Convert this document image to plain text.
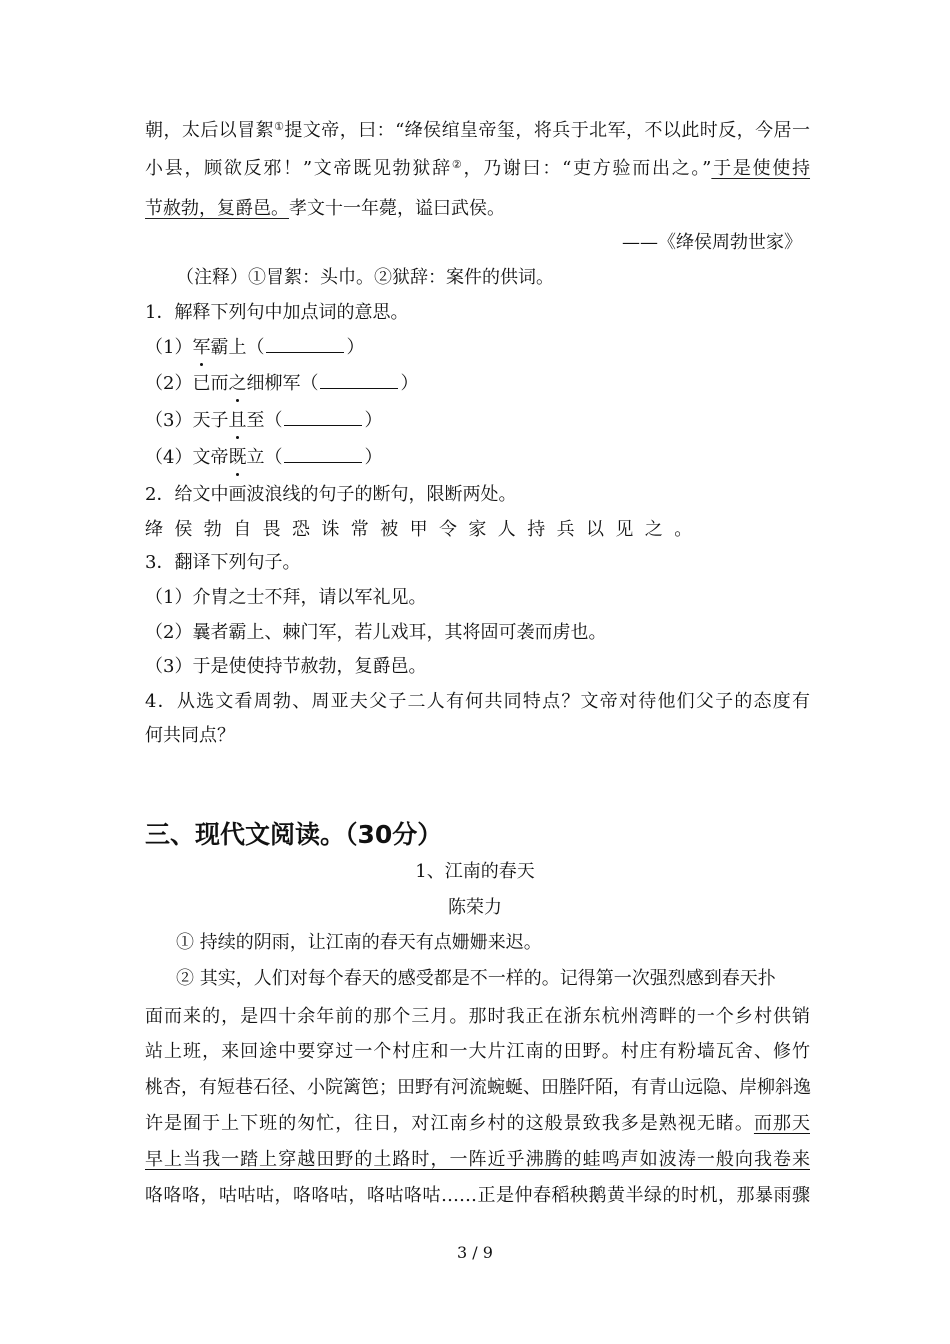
朝，太后以冒絮①提文帝，曰：“绛侯绾皇帝玺，将兵于北军，不以此时反，今居一
小县，顾欲反邪！”文帝既见勃狱辞②，乃谢曰：“吏方验而出之。”于是使使持
节赦勃，复爵邑。孝文十一年薨，谥曰武侯。
——《绛侯周勃世家》
（注释）①冒絮：头巾。②狱辞：案件的供词。
1．解释下列句中加点词的意思。
（1）军霸上（	）
（2）已而之细柳军（	）
（3）天子且至（	）
（4）文帝既立（	）
2．给文中画波浪线的句子的断句，限断两处。
绛侯勃自畏恐诛常被甲令家人持兵以见之。
3．翻译下列句子。
（1）介胄之士不拜，请以军礼见。
（2）曩者霸上、棘门军，若儿戏耳，其将固可袭而虏也。
（3）于是使使持节赦勃，复爵邑。
4．从选文看周勃、周亚夫父子二人有何共同特点？文帝对待他们父子的态度有
何共同点？
三、现代文阅读。（30分）
1、江南的春天
陈荣力
① 持续的阴雨，让江南的春天有点姗姗来迟。
② 其实，人们对每个春天的感受都是不一样的。记得第一次强烈感到春天扑
面而来的，是四十余年前的那个三月。那时我正在浙东杭州湾畔的一个乡村供销
站上班，来回途中要穿过一个村庄和一大片江南的田野。村庄有粉墙瓦舍、修竹
桃杏，有短巷石径、小院篱笆；田野有河流蜿蜒、田塍阡陌，有青山远隐、岸柳斜逸
许是囿于上下班的匆忙，往日，对江南乡村的这般景致我多是熟视无睹。而那天
早上当我一踏上穿越田野的土路时，一阵近乎沸腾的蛙鸣声如波涛一般向我卷来
咯咯咯，咕咕咕，咯咯咕，咯咕咯咕……正是仲春稻秧鹅黄半绿的时机，那暴雨骤
3 / 9
